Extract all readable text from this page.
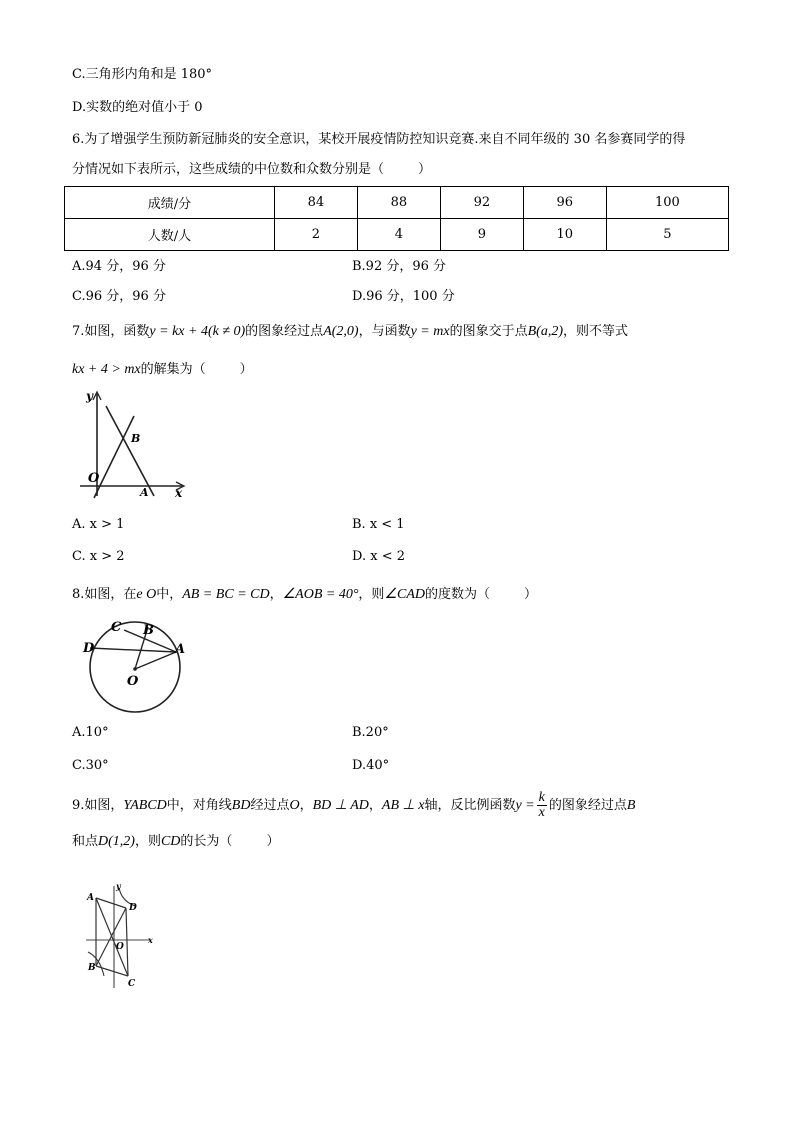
C.三角形内角和是 180°
D.实数的绝对值小于 0
6.为了增强学生预防新冠肺炎的安全意识，某校开展疫情防控知识竞赛.来自不同年级的 30 名参赛同学的得
分情况如下表所示，这些成绩的中位数和众数分别是（	）
成绩/分	84	88	92	96	100
人数/人	2	4	9	10	5
A.94 分，96 分	B.92 分，96 分
C.96 分，96 分	D.96 分，100 分
7.如图，函数y = kx + 4(k ≠ 0)的图象经过点A(2,0)，与函数y = mx的图象交于点B(a,2)，则不等式
kx + 4 > mx的解集为（	）
y
x
O
A
B
A. x > 1	B. x < 1
C. x > 2	D. x < 2
8.如图，在e O中，AB = BC = CD，∠AOB = 40°，则∠CAD的度数为（	）
C B
D	A
O
A.10°	B.20°
C.30°	D.40°
9.如图，YABCD中，对角线BD经过点O，BD ⊥ AD，AB ⊥ x轴，反比例函数$y = \frac{k}{x}$ 的图象经过点B
和点D(1,2)，则CD的长为（	）
y
x
O
A
D
B
C
